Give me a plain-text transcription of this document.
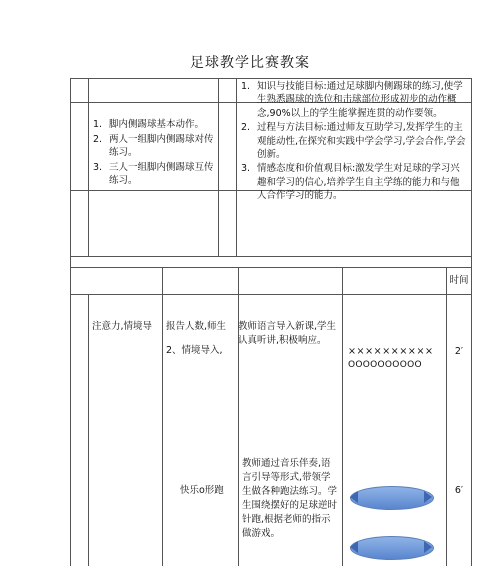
足球教学比赛教案
1. 脚内侧踢球基本动作。
2. 两人一组脚内侧踢球对传练习。
3. 三人一组脚内侧踢球互传练习。
1. 知识与技能目标:通过足球脚内侧踢球的练习,使学生熟悉踢球的选位和击球部位形成初步的动作概念,90%以上的学生能掌握连贯的动作要领。
2. 过程与方法目标:通过师友互助学习,发挥学生的主观能动性,在探究和实践中学会学习,学会合作,学会创新。
3. 情感态度和价值观目标:激发学生对足球的学习兴趣和学习的信心,培养学生自主学练的能力和与他人合作学习的能力。
时间
注意力,情境导	报告人数,师生
2、情境导入,
教师语言导入新课,学生认真听讲,积极响应。
××××××××××
OOOOOOOOOO
2′
快乐o形跑
教师通过音乐伴奏,语言引导等形式,带领学生做各种跑法练习。学生围绕摆好的足球逆时针跑,根据老师的指示做游戏。
6′
